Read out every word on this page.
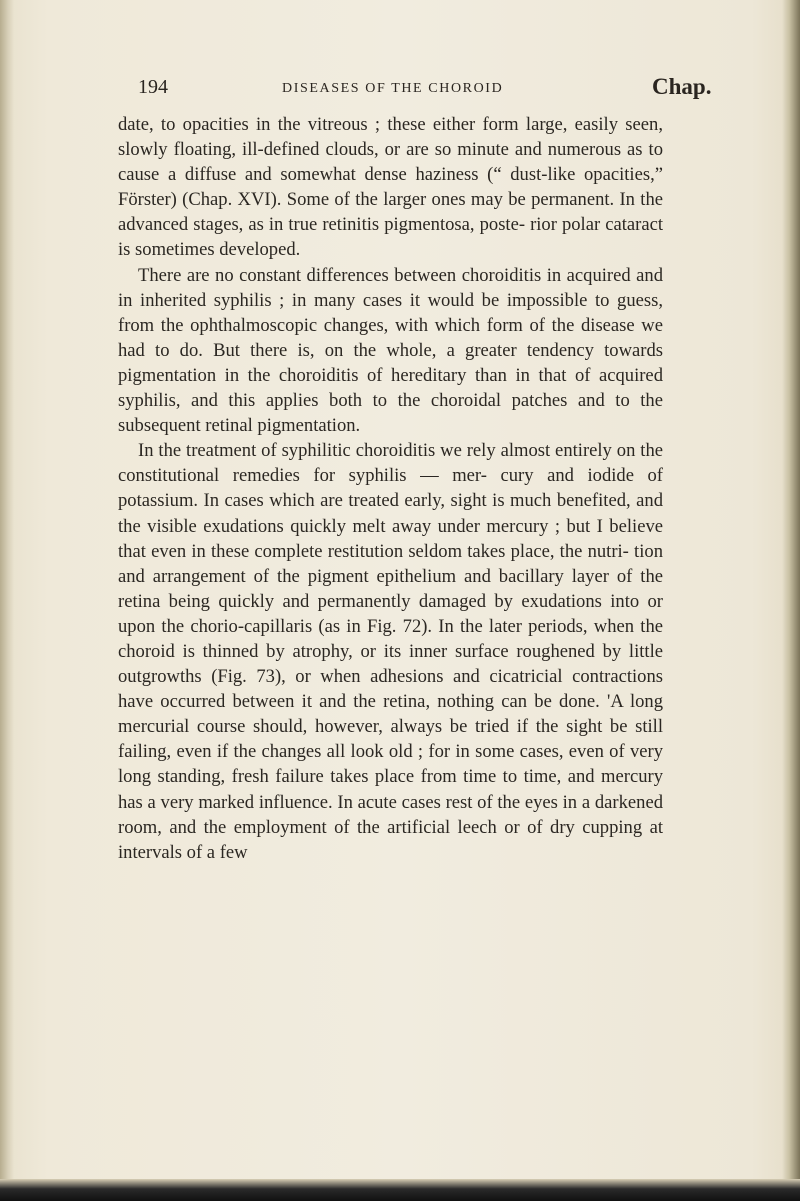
194	DISEASES OF THE CHOROID	Chap.

date, to opacities in the vitreous ; these either form large, easily seen, slowly floating, ill-defined clouds, or are so minute and numerous as to cause a diffuse and somewhat dense haziness (“ dust-like opacities,” Förster) (Chap. XVI). Some of the larger ones may be permanent. In the advanced stages, as in true retinitis pigmentosa, poste- rior polar cataract is sometimes developed.

There are no constant differences between choroiditis in acquired and in inherited syphilis ; in many cases it would be impossible to guess, from the ophthalmoscopic changes, with which form of the disease we had to do. But there is, on the whole, a greater tendency towards pigmentation in the choroiditis of hereditary than in that of acquired syphilis, and this applies both to the choroidal patches and to the subsequent retinal pigmentation.

In the treatment of syphilitic choroiditis we rely almost entirely on the constitutional remedies for syphilis — mer- cury and iodide of potassium. In cases which are treated early, sight is much benefited, and the visible exudations quickly melt away under mercury ; but I believe that even in these complete restitution seldom takes place, the nutri- tion and arrangement of the pigment epithelium and bacillary layer of the retina being quickly and permanently damaged by exudations into or upon the chorio-capillaris (as in Fig. 72). In the later periods, when the choroid is thinned by atrophy, or its inner surface roughened by little outgrowths (Fig. 73), or when adhesions and cicatricial contractions have occurred between it and the retina, nothing can be done. 'A long mercurial course should, however, always be tried if the sight be still failing, even if the changes all look old ; for in some cases, even of very long standing, fresh failure takes place from time to time, and mercury has a very marked influence. In acute cases rest of the eyes in a darkened room, and the employment of the artificial leech or of dry cupping at intervals of a few
